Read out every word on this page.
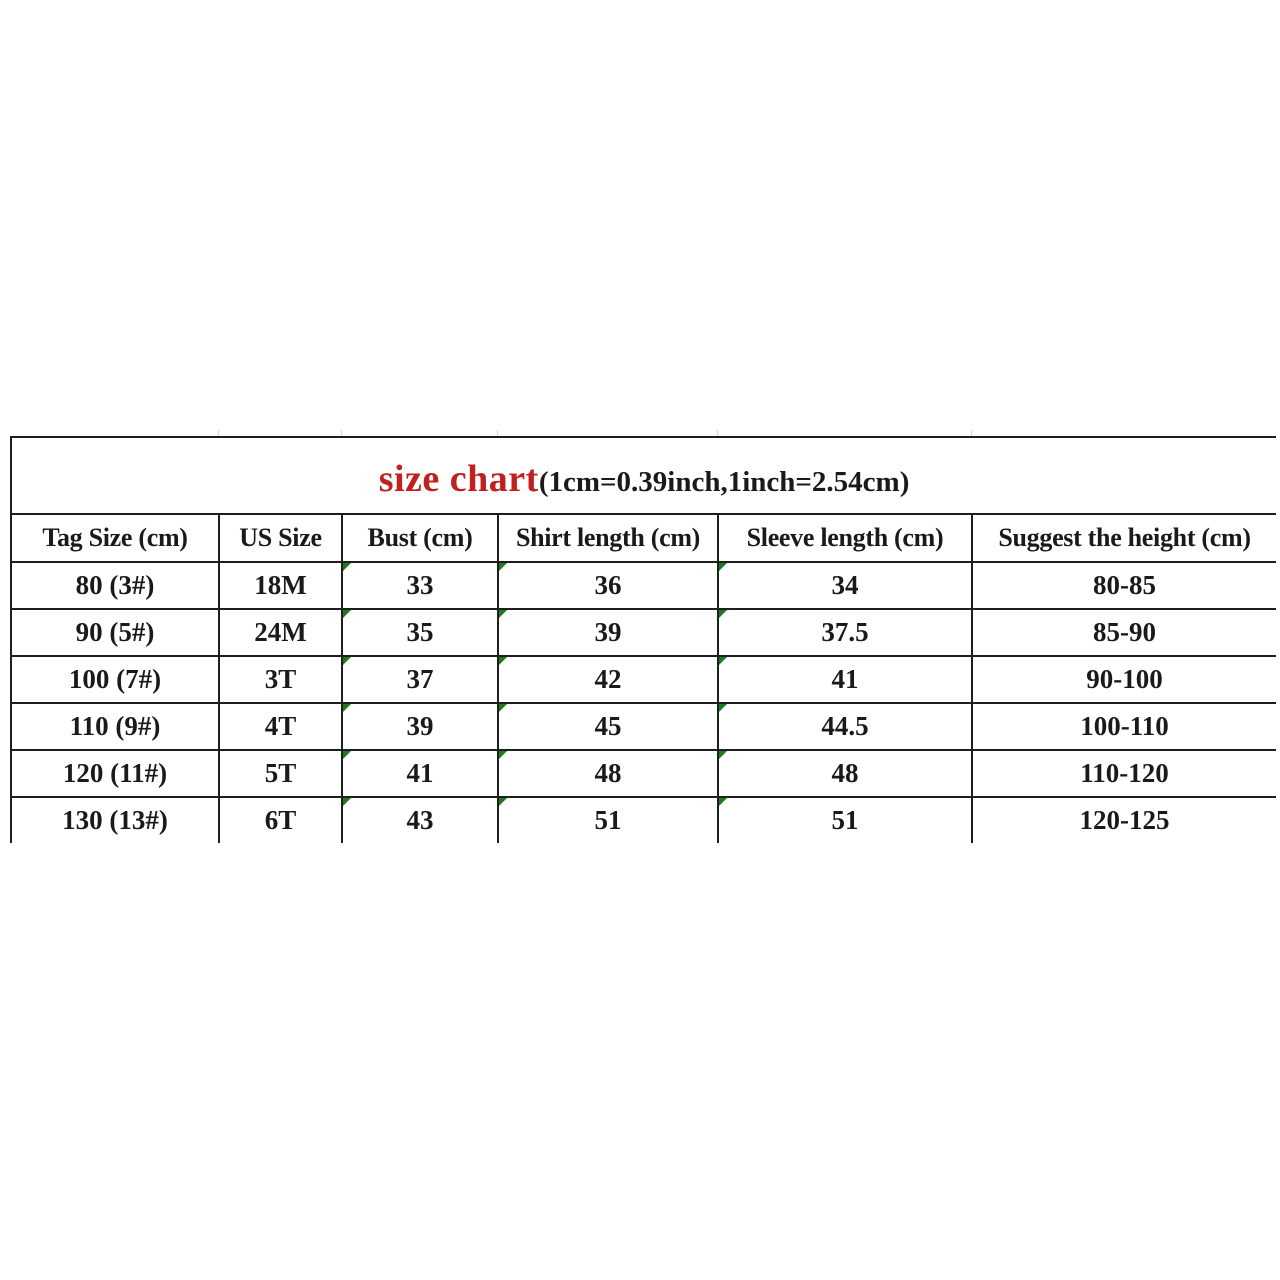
size chart(1cm=0.39inch,1inch=2.54cm)					
Tag Size (cm)	US Size	Bust (cm)	Shirt length (cm)	Sleeve length (cm)	Suggest the height (cm)
80 (3#)	18M	33	36	34	80-85
90 (5#)	24M	35	39	37.5	85-90
100 (7#)	3T	37	42	41	90-100
110 (9#)	4T	39	45	44.5	100-110
120 (11#)	5T	41	48	48	110-120
130 (13#)	6T	43	51	51	120-125
